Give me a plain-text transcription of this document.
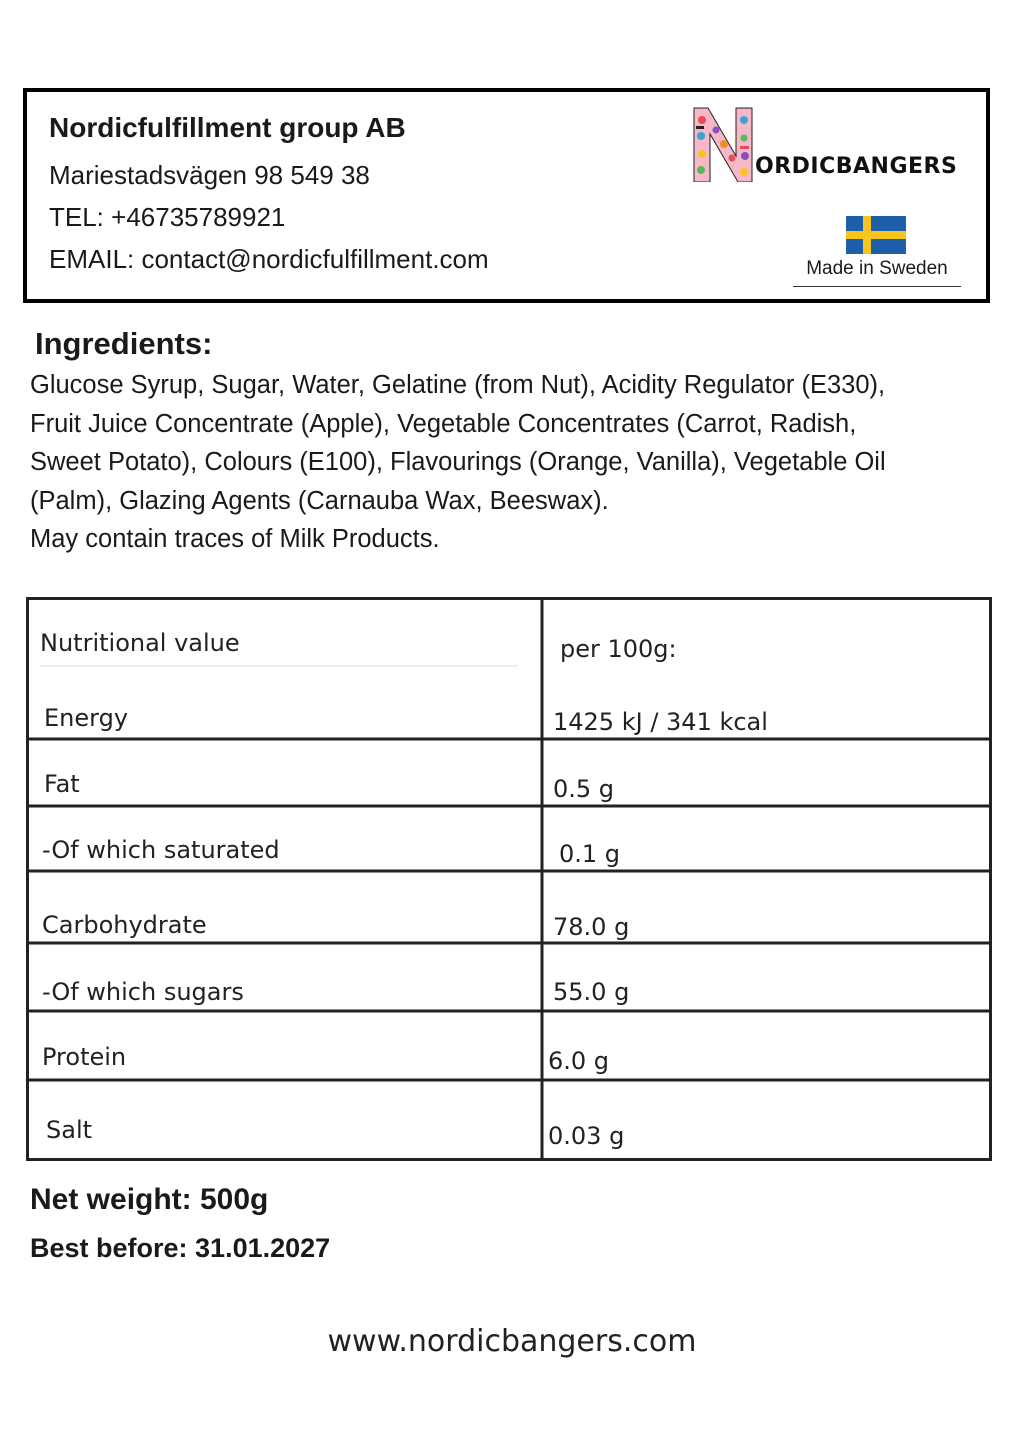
Nordicfulfillment group AB
Mariestadsvägen 98 549 38
TEL: +46735789921
EMAIL: contact@nordicfulfillment.com
ORDICBANGERS
Made in Sweden
Ingredients:
Glucose Syrup, Sugar, Water, Gelatine (from Nut), Acidity Regulator (E330),
Fruit Juice Concentrate (Apple), Vegetable Concentrates (Carrot, Radish,
Sweet Potato), Colours (E100), Flavourings (Orange, Vanilla), Vegetable Oil
(Palm), Glazing Agents (Carnauba Wax, Beeswax).
May contain traces of Milk Products.
Nutritional value	per 100g:
Energy	1425 kJ / 341 kcal
Fat	0.5 g
-Of which saturated	0.1 g
Carbohydrate	78.0 g
-Of which sugars	55.0 g
Protein	6.0 g
Salt	0.03 g
Net weight: 500g
Best before: 31.01.2027
www.nordicbangers.com
